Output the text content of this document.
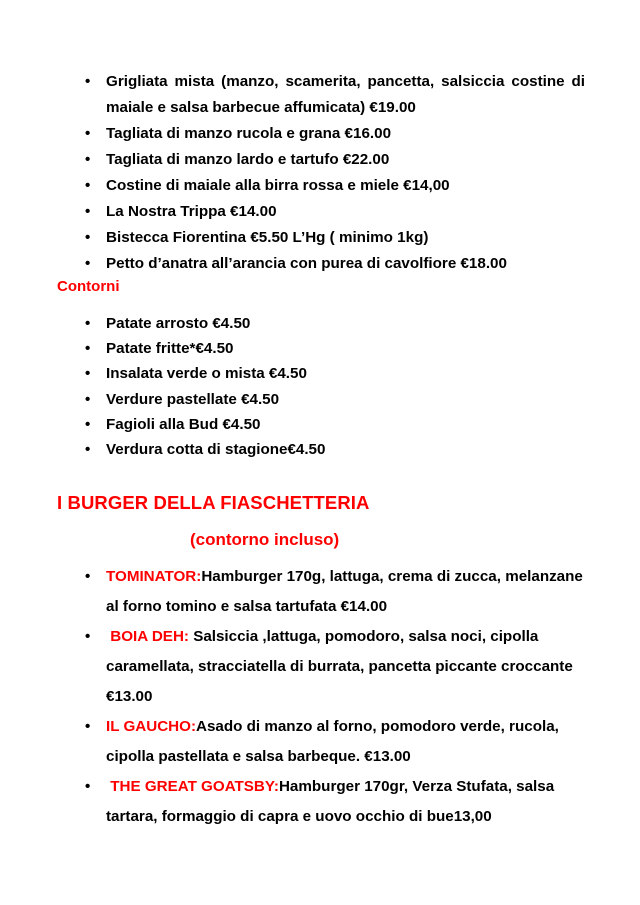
• Grigliata mista (manzo, scamerita, pancetta, salsiccia costine di maiale e salsa barbecue affumicata) €19.00
• Tagliata di manzo rucola e grana €16.00
• Tagliata di manzo lardo e tartufo €22.00
• Costine di maiale alla birra rossa e miele €14,00
• La Nostra Trippa €14.00
• Bistecca Fiorentina €5.50 L’Hg ( minimo 1kg)
• Petto d’anatra all’arancia con purea di cavolfiore €18.00
Contorni
• Patate arrosto €4.50
• Patate fritte*€4.50
• Insalata verde o mista €4.50
• Verdure pastellate €4.50
• Fagioli alla Bud €4.50
• Verdura cotta di stagione€4.50
I BURGER DELLA FIASCHETTERIA
(contorno incluso)
• TOMINATOR:Hamburger 170g, lattuga, crema di zucca, melanzane al forno tomino e salsa tartufata €14.00
•  BOIA DEH: Salsiccia ,lattuga, pomodoro, salsa noci, cipolla caramellata, stracciatella di burrata, pancetta piccante croccante €13.00
• IL GAUCHO:Asado di manzo al forno, pomodoro verde, rucola, cipolla pastellata e salsa barbeque. €13.00
•  THE GREAT GOATSBY:Hamburger 170gr, Verza Stufata, salsa tartara, formaggio di capra e uovo occhio di bue13,00
